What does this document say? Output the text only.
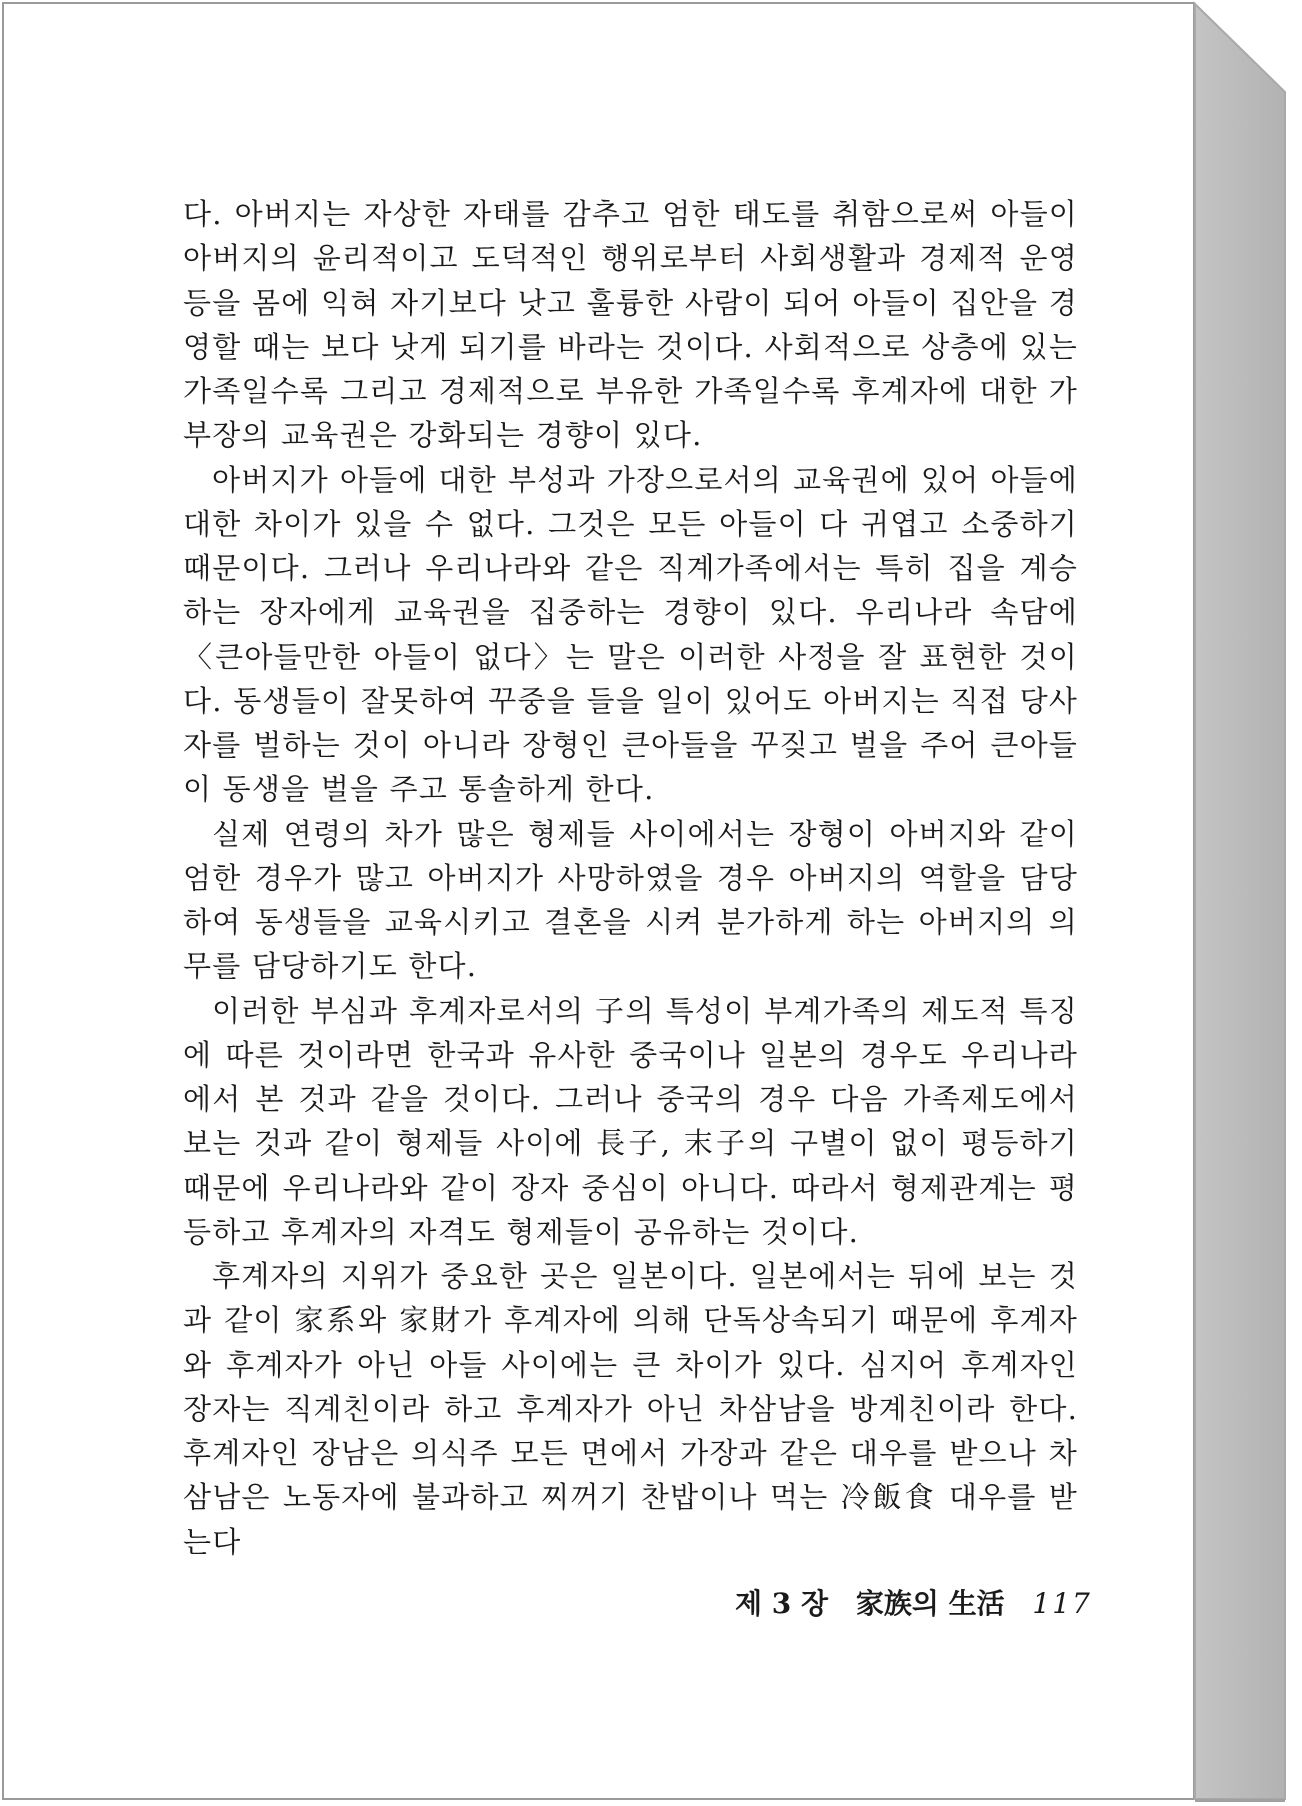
다. 아버지는 자상한 자태를 감추고 엄한 태도를 취함으로써 아들이 아버지의 윤리적이고 도덕적인 행위로부터 사회생활과 경제적 운영 등을 몸에 익혀 자기보다 낫고 훌륭한 사람이 되어 아들이 집안을 경영할 때는 보다 낫게 되기를 바라는 것이다. 사회적으로 상층에 있는 가족일수록 그리고 경제적으로 부유한 가족일수록 후계자에 대한 가부장의 교육권은 강화되는 경향이 있다.

아버지가 아들에 대한 부성과 가장으로서의 교육권에 있어 아들에 대한 차이가 있을 수 없다. 그것은 모든 아들이 다 귀엽고 소중하기 때문이다. 그러나 우리나라와 같은 직계가족에서는 특히 집을 계승하는 장자에게 교육권을 집중하는 경향이 있다. 우리나라 속담에 〈큰아들만한 아들이 없다〉는 말은 이러한 사정을 잘 표현한 것이다. 동생들이 잘못하여 꾸중을 들을 일이 있어도 아버지는 직접 당사자를 벌하는 것이 아니라 장형인 큰아들을 꾸짖고 벌을 주어 큰아들이 동생을 벌을 주고 통솔하게 한다.

실제 연령의 차가 많은 형제들 사이에서는 장형이 아버지와 같이 엄한 경우가 많고 아버지가 사망하였을 경우 아버지의 역할을 담당하여 동생들을 교육시키고 결혼을 시켜 분가하게 하는 아버지의 의무를 담당하기도 한다.

이러한 부심과 후계자로서의 子의 특성이 부계가족의 제도적 특징에 따른 것이라면 한국과 유사한 중국이나 일본의 경우도 우리나라에서 본 것과 같을 것이다. 그러나 중국의 경우 다음 가족제도에서 보는 것과 같이 형제들 사이에 長子, 末子의 구별이 없이 평등하기 때문에 우리나라와 같이 장자 중심이 아니다. 따라서 형제관계는 평등하고 후계자의 자격도 형제들이 공유하는 것이다.

후계자의 지위가 중요한 곳은 일본이다. 일본에서는 뒤에 보는 것과 같이 家系와 家財가 후계자에 의해 단독상속되기 때문에 후계자와 후계자가 아닌 아들 사이에는 큰 차이가 있다. 심지어 후계자인 장자는 직계친이라 하고 후계자가 아닌 차삼남을 방계친이라 한다. 후계자인 장남은 의식주 모든 면에서 가장과 같은 대우를 받으나 차삼남은 노동자에 불과하고 찌꺼기 찬밥이나 먹는 冷飯食 대우를 받는다

제 3 장 家族의 生活 117
